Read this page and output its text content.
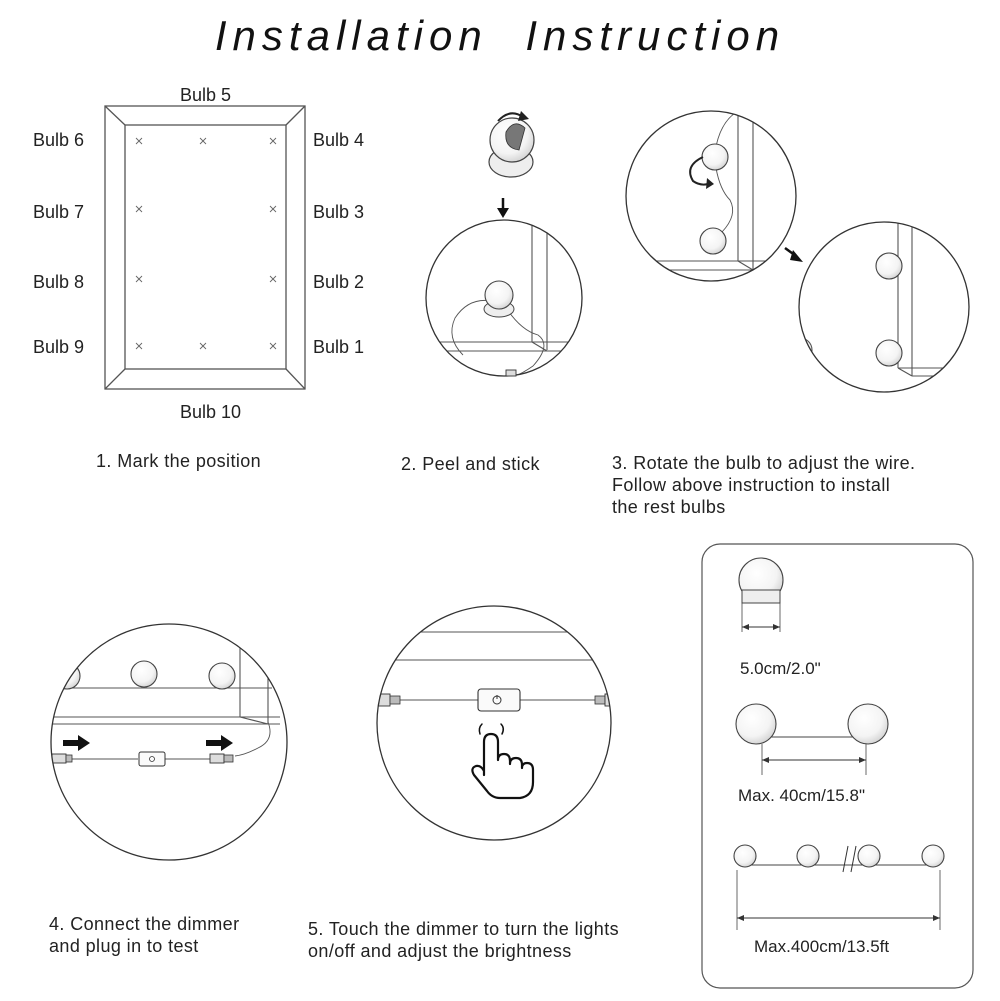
Installation Instruction
Bulb 1
Bulb 2
Bulb 3
Bulb 4
Bulb 5
Bulb 6
Bulb 7
Bulb 8
Bulb 9
Bulb 10
1. Mark the position	2. Peel and stick	3. Rotate the bulb to adjust the wire.
Follow above instruction to install
the rest bulbs
4. Connect the dimmer
and plug in to test
5. Touch the dimmer to turn the lights
on/off and adjust the brightness
5.0cm/2.0"
Max. 40cm/15.8"
Max.400cm/13.5ft
